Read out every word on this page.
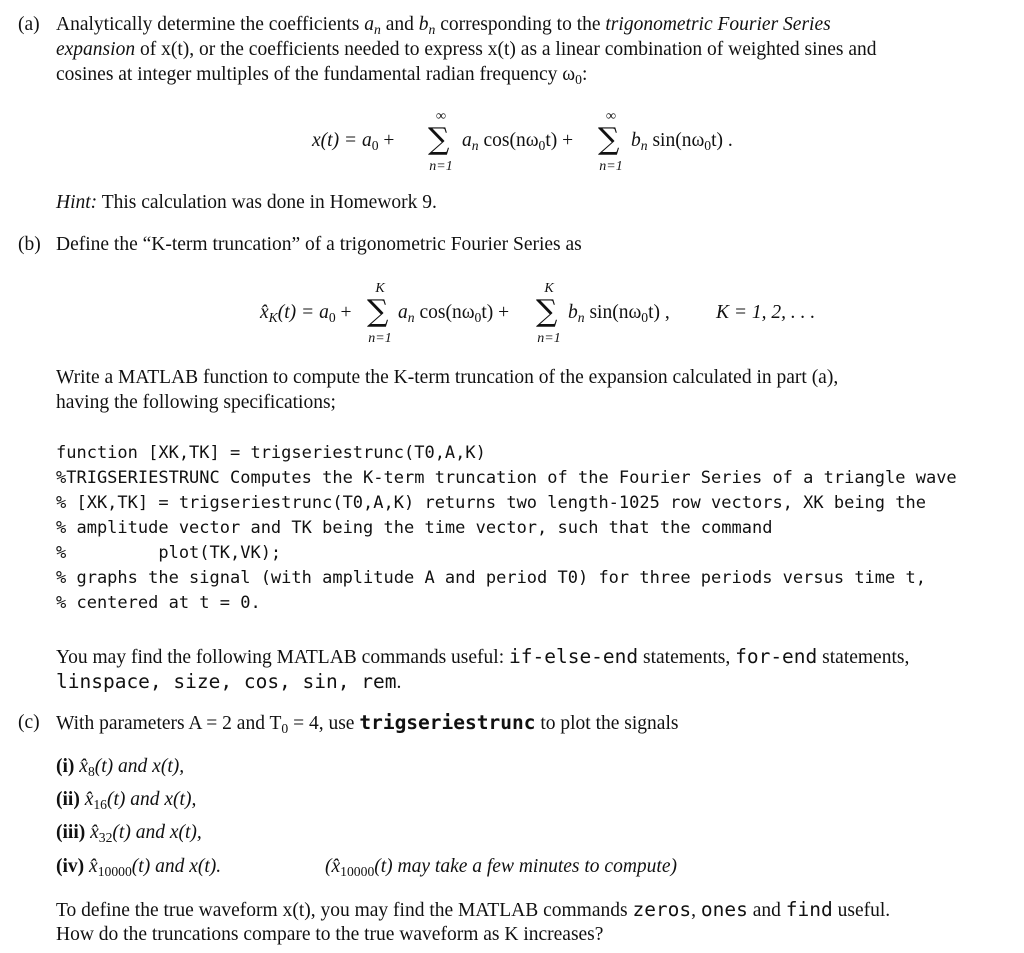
(a) Analytically determine the coefficients $a_n$ and $b_n$ corresponding to the trigonometric Fourier Series
expansion of x(t), or the coefficients needed to express x(t) as a linear combination of weighted sines and
cosines at integer multiples of the fundamental radian frequency $\omega_0$:
$x(t) = a_0$ +
∞
∑
n=1
$a_n$ $\cos(n\omega_0t)$ +
∞
∑
n=1
$b_n$ $\sin(n\omega_0t)$ .
Hint: This calculation was done in Homework 9.
(b) Define the “K-term truncation” of a trigonometric Fourier Series as
$x̂_K(t) = a_0$ +
K
∑
n=1
$a_n$ $\cos(n\omega_0t)$ +
K
∑
n=1
$b_n$ $\sin(n\omega_0t)$ , K = 1, 2, . . .
Write a MATLAB function to compute the K-term truncation of the expansion calculated in part (a),
having the following specifications;
function [XK,TK] = trigseriestrunc(T0,A,K)
%TRIGSERIESTRUNC Computes the K-term truncation of the Fourier Series of a triangle wave
% [XK,TK] = trigseriestrunc(T0,A,K) returns two length-1025 row vectors, XK being the
% amplitude vector and TK being the time vector, such that the command
%         plot(TK,VK);
% graphs the signal (with amplitude A and period T0) for three periods versus time t,
% centered at t = 0.
You may find the following MATLAB commands useful: if-else-end statements, for-end statements,
linspace, size, cos, sin, rem.
(c) With parameters A = 2 and $T_0 = 4$, use trigseriestrunc to plot the signals
(i) $x̂_8(t)$ and x(t),
(ii) $x̂_{16}(t)$ and x(t),
(iii) $x̂_{32}(t)$ and x(t),
(iv) $x̂_{10000}(t)$ and x(t).	($x̂_{10000}(t)$ may take a few minutes to compute)
To define the true waveform x(t), you may find the MATLAB commands zeros, ones and find useful.
How do the truncations compare to the true waveform as K increases?
